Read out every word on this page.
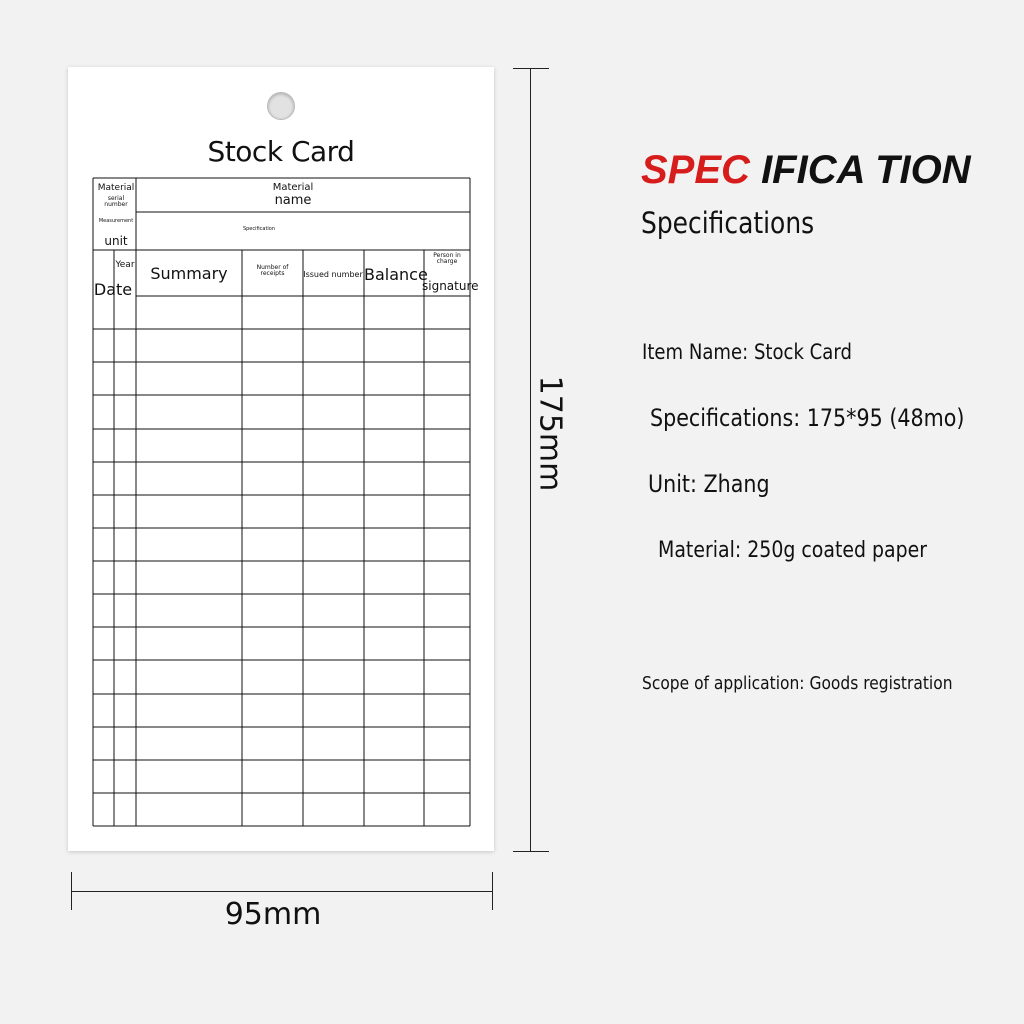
Stock Card
Material
serial
number
Measurement
unit
Material
name
Specification
Year
Date
Summary	Number of
receipts	Issued number Balance
Person in
charge
signature
175mm
95mm
SPEC IFICA TION
Specifications
Item Name: Stock Card
Specifications: 175*95 (48mo)
Unit: Zhang
Material: 250g coated paper
Scope of application: Goods registration
